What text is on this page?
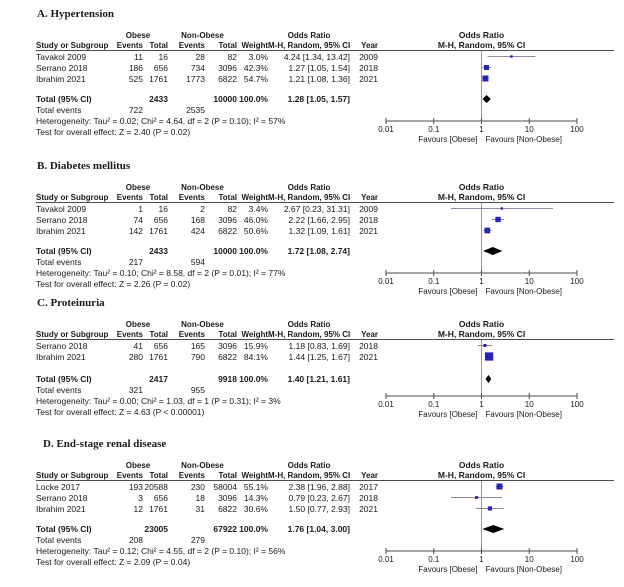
A. Hypertension
Obese	Non-Obese	Odds Ratio
Study or Subgroup	Events Total	Events	Total Weight M-H, Random, 95% CI	Year
Tavakol 2009	11	16	28	82	3.0%	4.24 [1.34, 13.42]	2009
Serrano 2018	186	656	734	3096 42.3%	1.27 [1.05, 1.54]	2018
Ibrahim 2021	525 1761	1773	6822 54.7%	1.21 [1.08, 1.36]	2021
Total (95% CI)	2433	10000 100.0%	1.28 [1.05, 1.57]
Total events	722	2535
Heterogeneity: Tau² = 0.02; Chi² = 4.64, df = 2 (P = 0.10); I² = 57%
Test for overall effect: Z = 2.40 (P = 0.02)
Odds Ratio
M-H, Random, 95% CI
0.01	0.1	1	10	100
Favours [Obese] Favours [Non-Obese]
B. Diabetes mellitus
Obese	Non-Obese	Odds Ratio
Study or Subgroup	Events Total	Events	Total Weight M-H, Random, 95% CI	Year
Tavakol 2009	1	16	2	82	3.4%	2.67 [0.23, 31.31]	2009
Serrano 2018	74	656	168	3096 46.0%	2.22 [1.66, 2.95]	2018
Ibrahim 2021	142 1761	424	6822 50.6%	1.32 [1.09, 1.61]	2021
Total (95% CI)	2433	10000 100.0%	1.72 [1.08, 2.74]
Total events	217	594
Heterogeneity: Tau² = 0.10; Chi² = 8.58, df = 2 (P = 0.01); I² = 77%
Test for overall effect: Z = 2.26 (P = 0.02)
Odds Ratio
M-H, Random, 95% CI
0.01	0.1	1	10	100
Favours [Obese] Favours [Non-Obese]
C. Proteinuria
Obese	Non-Obese	Odds Ratio
Study or Subgroup	Events Total	Events	Total Weight M-H, Random, 95% CI	Year
Serrano 2018	41	656	165	3096 15.9%	1.18 [0.83, 1.69]	2018
Ibrahim 2021	280 1761	790	6822 84.1%	1.44 [1.25, 1.67]	2021
Total (95% CI)	2417	9918 100.0%	1.40 [1.21, 1.61]
Total events	321	955
Heterogeneity: Tau² = 0.00; Chi² = 1.03, df = 1 (P = 0.31); I² = 3%
Test for overall effect: Z = 4.63 (P < 0.00001)
Odds Ratio
M-H, Random, 95% CI
0.01	0.1	1	10	100
Favours [Obese] Favours [Non-Obese]
D. End-stage renal disease
Obese	Non-Obese	Odds Ratio
Study or Subgroup	Events Total	Events	Total Weight M-H, Random, 95% CI	Year
Locke 2017	193 20588	230 58004 55.1%	2.38 [1.96, 2.88]	2017
Serrano 2018	3	656	18	3096 14.3%	0.79 [0.23, 2.67]	2018
Ibrahim 2021	12 1761	31	6822 30.6%	1.50 [0.77, 2.93]	2021
Total (95% CI)	23005	67922 100.0%	1.76 [1.04, 3.00]
Total events	208	279
Heterogeneity: Tau² = 0.12; Chi² = 4.55, df = 2 (P = 0.10); I² = 56%
Test for overall effect: Z = 2.09 (P = 0.04)
Odds Ratio
M-H, Random, 95% CI
0.01	0.1	1	10	100
Favours [Obese] Favours [Non-Obese]
